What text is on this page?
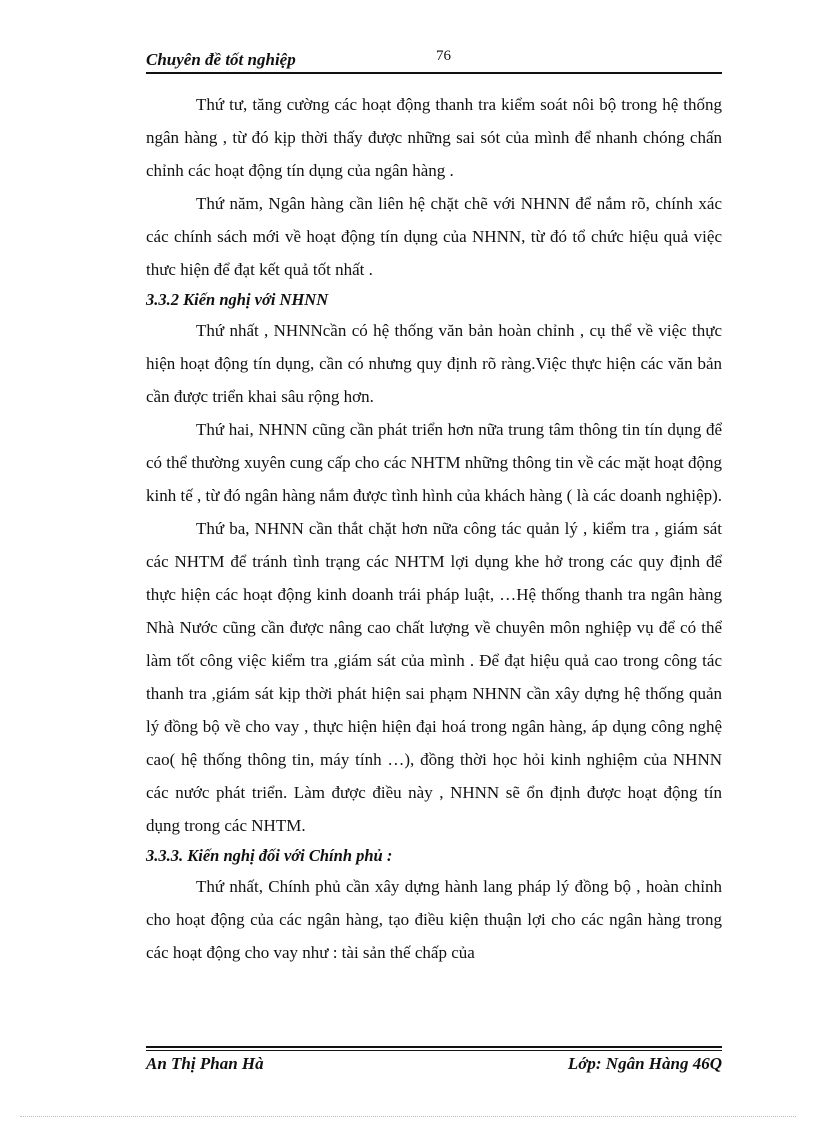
Chuyên đề tốt nghiệp	76

Thứ tư, tăng cường các hoạt động thanh tra kiểm soát nôi bộ trong hệ thống ngân hàng , từ đó kịp thời thấy được những sai sót của mình để nhanh chóng chấn chỉnh các hoạt động tín dụng của ngân hàng .

Thứ năm, Ngân hàng cần liên hệ chặt chẽ với NHNN để nắm rõ, chính xác các chính sách mới về hoạt động tín dụng của NHNN, từ đó tổ chức hiệu quả việc thưc hiện để đạt kết quả tốt nhất .

3.3.2 Kiến nghị với NHNN

Thứ nhất , NHNNcần có hệ thống văn bản hoàn chỉnh , cụ thể về việc thực hiện hoạt động tín dụng, cần có nhưng quy định rõ ràng.Việc thực hiện các văn bản cần được triển khai sâu rộng hơn.

Thứ hai, NHNN cũng cần phát triển hơn nữa trung tâm thông tin tín dụng để có thể thường xuyên cung cấp cho các NHTM những thông tin về các mặt hoạt động kinh tế , từ đó ngân hàng nắm được tình hình của khách hàng ( là các doanh nghiệp).

Thứ ba, NHNN cần thắt chặt hơn nữa công tác quản lý , kiểm tra , giám sát các NHTM để tránh tình trạng các NHTM lợi dụng khe hở trong các quy định để thực hiện các hoạt động kinh doanh trái pháp luật, …Hệ thống thanh tra ngân hàng Nhà Nước cũng cần được nâng cao chất lượng về chuyên môn nghiệp vụ để có thể làm tốt công việc kiểm tra ,giám sát của mình . Để đạt hiệu quả cao trong công tác thanh tra ,giám sát kịp thời phát hiện sai phạm NHNN cần xây dựng hệ thống quản lý đồng bộ về cho vay , thực hiện hiện đại hoá trong ngân hàng, áp dụng công nghệ cao( hệ thống thông tin, máy tính …), đồng thời học hỏi kinh nghiệm của NHNN các nước phát triển. Làm được điều này , NHNN sẽ ổn định được hoạt động tín dụng trong các NHTM.

3.3.3. Kiến nghị đối với Chính phủ :

Thứ nhất, Chính phủ cần xây dựng hành lang pháp lý đồng bộ , hoàn chỉnh cho hoạt động của các ngân hàng, tạo điều kiện thuận lợi cho các ngân hàng trong các hoạt động cho vay như : tài sản thế chấp của

An Thị Phan Hà	Lớp: Ngân Hàng 46Q
